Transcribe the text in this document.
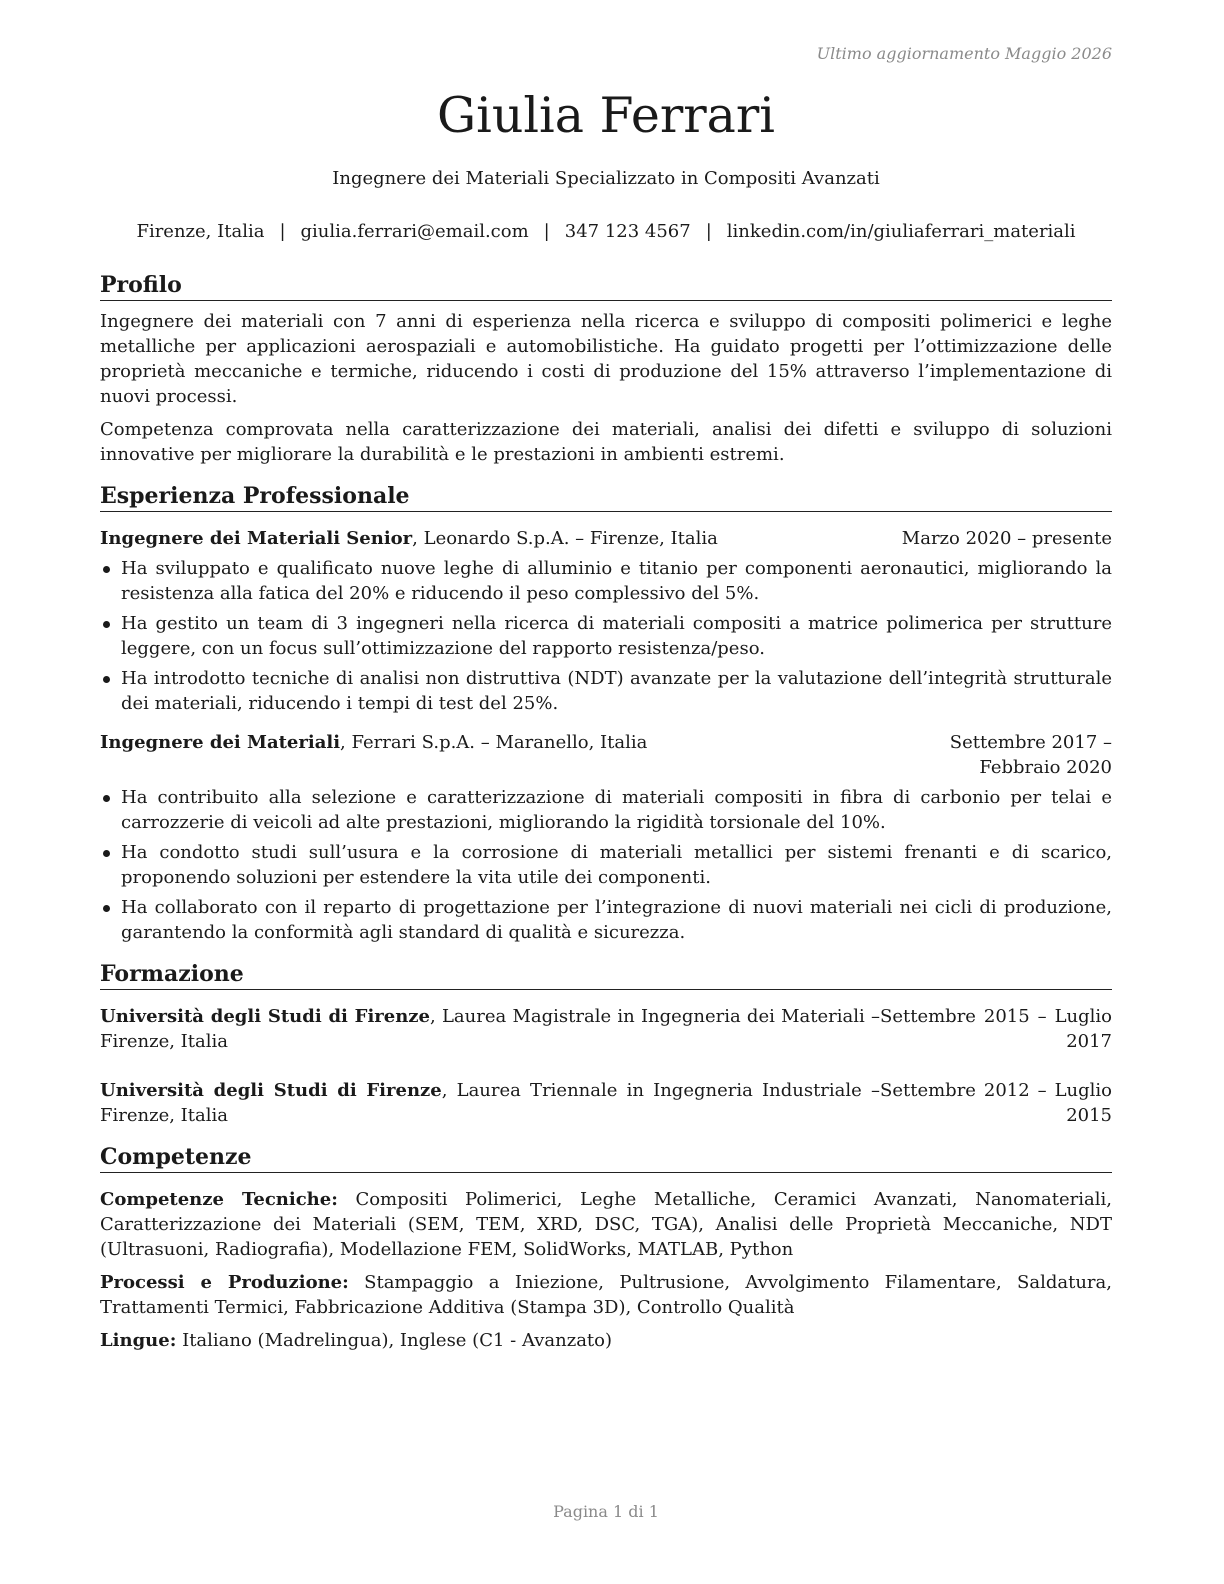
Ultimo aggiornamento Maggio 2026
Giulia Ferrari
Ingegnere dei Materiali Specializzato in Compositi Avanzati
Firenze, Italia | giulia.ferrari@email.com | 347 123 4567 | linkedin.com/in/giuliaferrari_materiali
Profilo

Ingegnere dei materiali con 7 anni di esperienza nella ricerca e sviluppo di compositi polimerici e leghe metalliche per applicazioni aerospaziali e automobilistiche. Ha guidato progetti per l’ottimizzazione delle proprietà meccaniche e termiche, riducendo i costi di produzione del 15% attraverso l’implementazione di nuovi processi.

Competenza comprovata nella caratterizzazione dei materiali, analisi dei difetti e sviluppo di soluzioni innovative per migliorare la durabilità e le prestazioni in ambienti estremi.

Esperienza Professionale
Ingegnere dei Materiali Senior, Leonardo S.p.A. – Firenze, Italia	Marzo 2020 – presente
Ha sviluppato e qualificato nuove leghe di alluminio e titanio per componenti aeronautici, migliorando la resistenza alla fatica del 20% e riducendo il peso complessivo del 5%.
Ha gestito un team di 3 ingegneri nella ricerca di materiali compositi a matrice polimerica per strutture leggere, con un focus sull’ottimizzazione del rapporto resistenza/peso.
Ha introdotto tecniche di analisi non distruttiva (NDT) avanzate per la valutazione dell’integrità strutturale dei materiali, riducendo i tempi di test del 25%.
Ingegnere dei Materiali, Ferrari S.p.A. – Maranello, Italia	Settembre 2017 – Febbraio 2020
Ha contribuito alla selezione e caratterizzazione di materiali compositi in fibra di carbonio per telai e carrozzerie di veicoli ad alte prestazioni, migliorando la rigidità torsionale del 10%.
Ha condotto studi sull’usura e la corrosione di materiali metallici per sistemi frenanti e di scarico, proponendo soluzioni per estendere la vita utile dei componenti.
Ha collaborato con il reparto di progettazione per l’integrazione di nuovi materiali nei cicli di produzione, garantendo la conformità agli standard di qualità e sicurezza.
Formazione
Università degli Studi di Firenze, Laurea Magistrale in Ingegneria dei Materiali – Firenze, Italia
Settembre 2015 – Luglio 2017
Università degli Studi di Firenze, Laurea Triennale in Ingegneria Industriale – Firenze, Italia
Settembre 2012 – Luglio 2015
Competenze
Competenze Tecniche: Compositi Polimerici, Leghe Metalliche, Ceramici Avanzati, Nanomateriali, Caratterizzazione dei Materiali (SEM, TEM, XRD, DSC, TGA), Analisi delle Proprietà Meccaniche, NDT (Ultrasuoni, Radiografia), Modellazione FEM, SolidWorks, MATLAB, Python
Processi e Produzione: Stampaggio a Iniezione, Pultrusione, Avvolgimento Filamentare, Saldatura, Trattamenti Termici, Fabbricazione Additiva (Stampa 3D), Controllo Qualità
Lingue: Italiano (Madrelingua), Inglese (C1 - Avanzato)
Pagina 1 di 1
